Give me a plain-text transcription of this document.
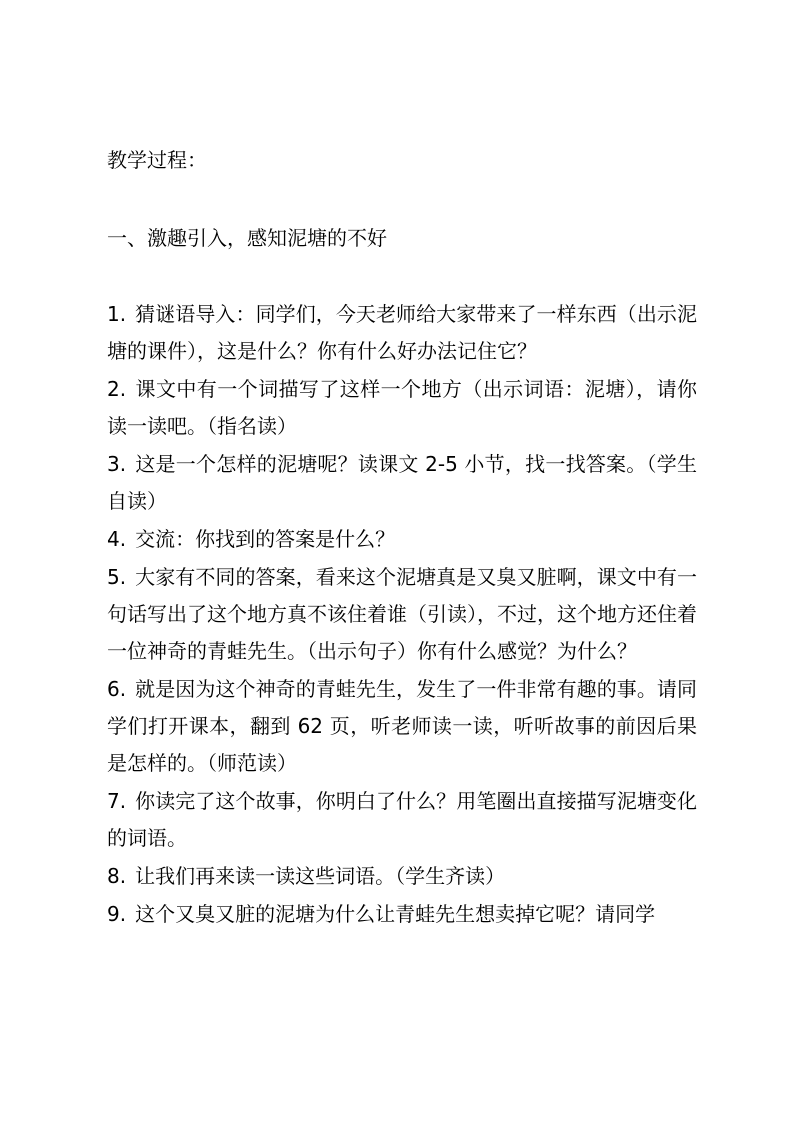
教学过程：
一、激趣引入，感知泥塘的不好

1. 猜谜语导入：同学们，今天老师给大家带来了一样东西（出示泥塘的课件），这是什么？你有什么好办法记住它？

2. 课文中有一个词描写了这样一个地方（出示词语：泥塘），请你读一读吧。（指名读）

3. 这是一个怎样的泥塘呢？读课文 2-5 小节，找一找答案。（学生自读）

4. 交流：你找到的答案是什么？

5. 大家有不同的答案，看来这个泥塘真是又臭又脏啊，课文中有一句话写出了这个地方真不该住着谁（引读），不过，这个地方还住着一位神奇的青蛙先生。（出示句子）你有什么感觉？为什么？

6. 就是因为这个神奇的青蛙先生，发生了一件非常有趣的事。请同学们打开课本，翻到 62 页，听老师读一读，听听故事的前因后果是怎样的。（师范读）

7. 你读完了这个故事，你明白了什么？用笔圈出直接描写泥塘变化的词语。

8. 让我们再来读一读这些词语。（学生齐读）

9. 这个又臭又脏的泥塘为什么让青蛙先生想卖掉它呢？请同学
